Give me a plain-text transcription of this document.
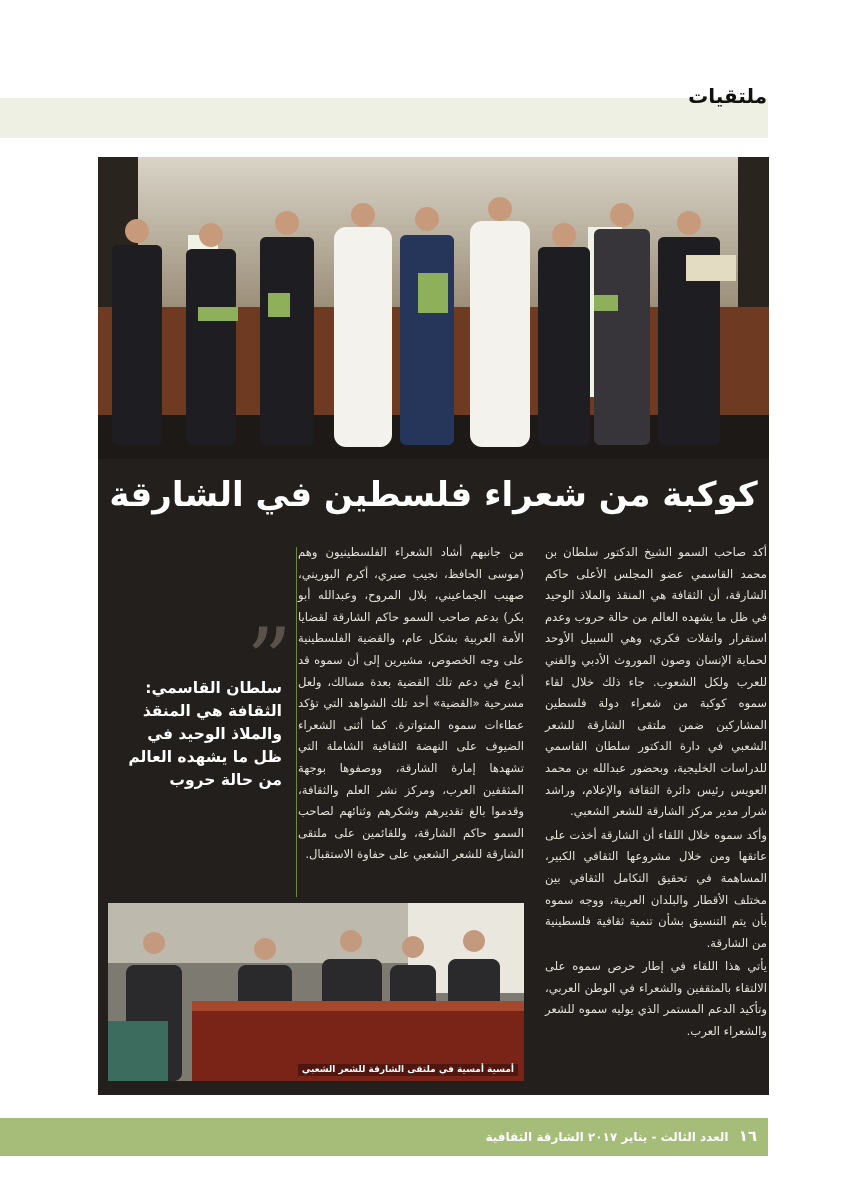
ملتقيات
كوكبة من شعراء فلسطين في الشارقة

أكد صاحب السمو الشيخ الدكتور سلطان بن محمد القاسمي عضو المجلس الأعلى حاكم الشارقة، أن الثقافة هي المنقذ والملاذ الوحيد في ظل ما يشهده العالم من حالة حروب وعدم استقرار وانفلات فكري، وهي السبيل الأوحد لحماية الإنسان وصون الموروث الأدبي والفني للعرب ولكل الشعوب. جاء ذلك خلال لقاء سموه كوكبة من شعراء دولة فلسطين المشاركين ضمن ملتقى الشارقة للشعر الشعبي في دارة الدكتور سلطان القاسمي للدراسات الخليجية، وبحضور عبدالله بن محمد العويس رئيس دائرة الثقافة والإعلام، وراشد شرار مدير مركز الشارقة للشعر الشعبي.

وأكد سموه خلال اللقاء أن الشارقة أخذت على عاتقها ومن خلال مشروعها الثقافي الكبير، المساهمة في تحقيق التكامل الثقافي بين مختلف الأقطار والبلدان العربية، ووجه سموه بأن يتم التنسيق بشأن تنمية ثقافية فلسطينية من الشارقة.

يأتي هذا اللقاء في إطار حرص سموه على الالتقاء بالمثقفين والشعراء في الوطن العربي، وتأكيد الدعم المستمر الذي يوليه سموه للشعر والشعراء العرب.

من جانبهم أشاد الشعراء الفلسطينيون وهم (موسى الحافظ، نجيب صبري، أكرم البوريني، صهيب الجماعيني، بلال المروح، وعبدالله أبو بكر) بدعم صاحب السمو حاكم الشارقة لقضايا الأمة العربية بشكل عام، والقضية الفلسطينية على وجه الخصوص، مشيرين إلى أن سموه قد أبدع في دعم تلك القضية بعدة مسالك، ولعل مسرحية «القضية» أحد تلك الشواهد التي تؤكد عطاءات سموه المتواترة. كما أثنى الشعراء الضيوف على النهضة الثقافية الشاملة التي تشهدها إمارة الشارقة، ووصفوها بوجهة المثقفين العرب، ومركز نشر العلم والثقافة، وقدموا بالغ تقديرهم وشكرهم وثنائهم لصاحب السمو حاكم الشارقة، وللقائمين على ملتقى الشارقة للشعر الشعبي على حفاوة الاستقبال.

”
سلطان القاسمي:
الثقافة هي المنقذ
والملاذ الوحيد في
ظل ما يشهده العالم
من حالة حروب
أمسية أمسية في ملتقى الشارقة للشعر الشعبي
١٦ العدد الثالث - يناير ٢٠١٧ الشارقة الثقافية
